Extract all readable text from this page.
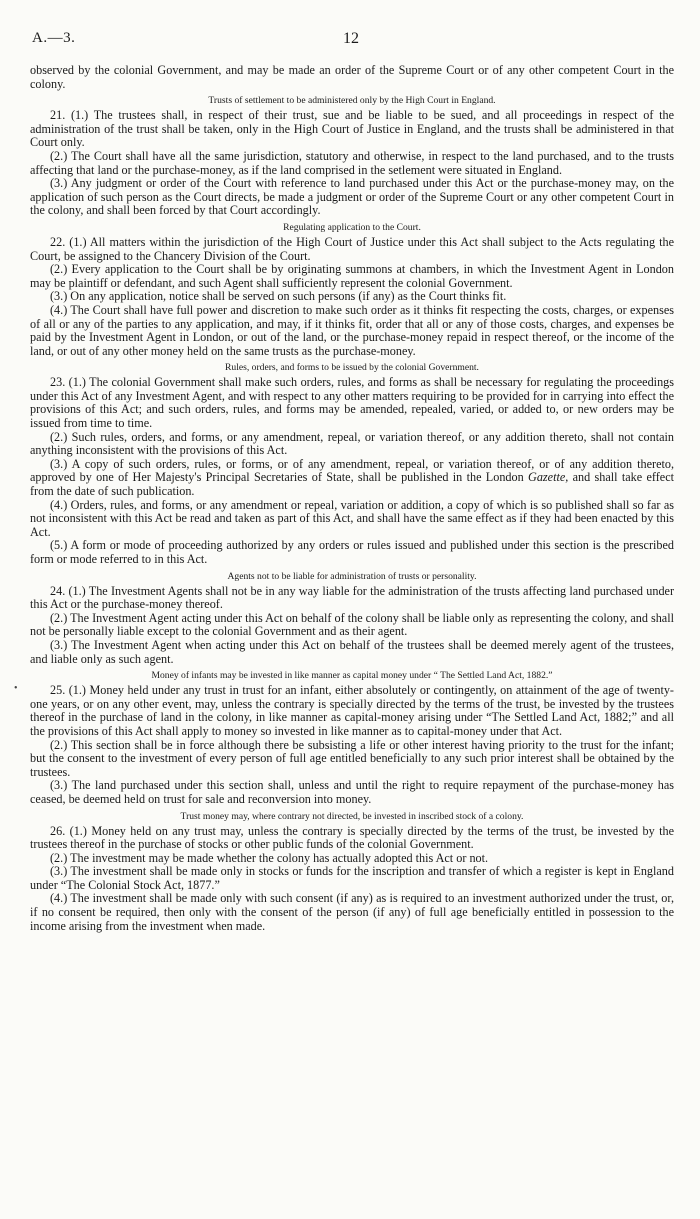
A.—3.	12
•

observed by the colonial Government, and may be made an order of the Supreme Court or of any other competent Court in the colony.

Trusts of settlement to be administered only by the High Court in England.

21. (1.) The trustees shall, in respect of their trust, sue and be liable to be sued, and all proceedings in respect of the administration of the trust shall be taken, only in the High Court of Justice in England, and the trusts shall be administered in that Court only.

(2.) The Court shall have all the same jurisdiction, statutory and otherwise, in respect to the land purchased, and to the trusts affecting that land or the purchase-money, as if the land comprised in the setlement were situated in England.

(3.) Any judgment or order of the Court with reference to land purchased under this Act or the purchase-money may, on the application of such person as the Court directs, be made a judgment or order of the Supreme Court or any other competent Court in the colony, and shall been forced by that Court accordingly.

Regulating application to the Court.

22. (1.) All matters within the jurisdiction of the High Court of Justice under this Act shall subject to the Acts regulating the Court, be assigned to the Chancery Division of the Court.

(2.) Every application to the Court shall be by originating summons at chambers, in which the Investment Agent in London may be plaintiff or defendant, and such Agent shall sufficiently represent the colonial Government.

(3.) On any application, notice shall be served on such persons (if any) as the Court thinks fit.

(4.) The Court shall have full power and discretion to make such order as it thinks fit respecting the costs, charges, or expenses of all or any of the parties to any application, and may, if it thinks fit, order that all or any of those costs, charges, and expenses be paid by the Investment Agent in London, or out of the land, or the purchase-money repaid in respect thereof, or the income of the land, or out of any other money held on the same trusts as the purchase-money.

Rules, orders, and forms to be issued by the colonial Government.

23. (1.) The colonial Government shall make such orders, rules, and forms as shall be necessary for regulating the proceedings under this Act of any Investment Agent, and with respect to any other matters requiring to be provided for in carrying into effect the provisions of this Act; and such orders, rules, and forms may be amended, repealed, varied, or added to, or new orders may be issued from time to time.

(2.) Such rules, orders, and forms, or any amendment, repeal, or variation thereof, or any addition thereto, shall not contain anything inconsistent with the provisions of this Act.

(3.) A copy of such orders, rules, or forms, or of any amendment, repeal, or variation thereof, or of any addition thereto, approved by one of Her Majesty's Principal Secretaries of State, shall be published in the London Gazette, and shall take effect from the date of such publication.

(4.) Orders, rules, and forms, or any amendment or repeal, variation or addition, a copy of which is so published shall so far as not inconsistent with this Act be read and taken as part of this Act, and shall have the same effect as if they had been enacted by this Act.

(5.) A form or mode of proceeding authorized by any orders or rules issued and published under this section is the prescribed form or mode referred to in this Act.

Agents not to be liable for administration of trusts or personality.

24. (1.) The Investment Agents shall not be in any way liable for the administration of the trusts affecting land purchased under this Act or the purchase-money thereof.

(2.) The Investment Agent acting under this Act on behalf of the colony shall be liable only as representing the colony, and shall not be personally liable except to the colonial Government and as their agent.

(3.) The Investment Agent when acting under this Act on behalf of the trustees shall be deemed merely agent of the trustees, and liable only as such agent.

Money of infants may be invested in like manner as capital money under “ The Settled Land Act, 1882.”

25. (1.) Money held under any trust in trust for an infant, either absolutely or contingently, on attainment of the age of twenty-one years, or on any other event, may, unless the contrary is specially directed by the terms of the trust, be invested by the trustees thereof in the purchase of land in the colony, in like manner as capital-money arising under “The Settled Land Act, 1882;” and all the provisions of this Act shall apply to money so invested in like manner as to capital-money under that Act.

(2.) This section shall be in force although there be subsisting a life or other interest having priority to the trust for the infant; but the consent to the investment of every person of full age entitled beneficially to any such prior interest shall be obtained by the trustees.

(3.) The land purchased under this section shall, unless and until the right to require repayment of the purchase-money has ceased, be deemed held on trust for sale and reconversion into money.

Trust money may, where contrary not directed, be invested in inscribed stock of a colony.

26. (1.) Money held on any trust may, unless the contrary is specially directed by the terms of the trust, be invested by the trustees thereof in the purchase of stocks or other public funds of the colonial Government.

(2.) The investment may be made whether the colony has actually adopted this Act or not.

(3.) The investment shall be made only in stocks or funds for the inscription and transfer of which a register is kept in England under “The Colonial Stock Act, 1877.”

(4.) The investment shall be made only with such consent (if any) as is required to an investment authorized under the trust, or, if no consent be required, then only with the consent of the person (if any) of full age beneficially entitled in possession to the income arising from the investment when made.
